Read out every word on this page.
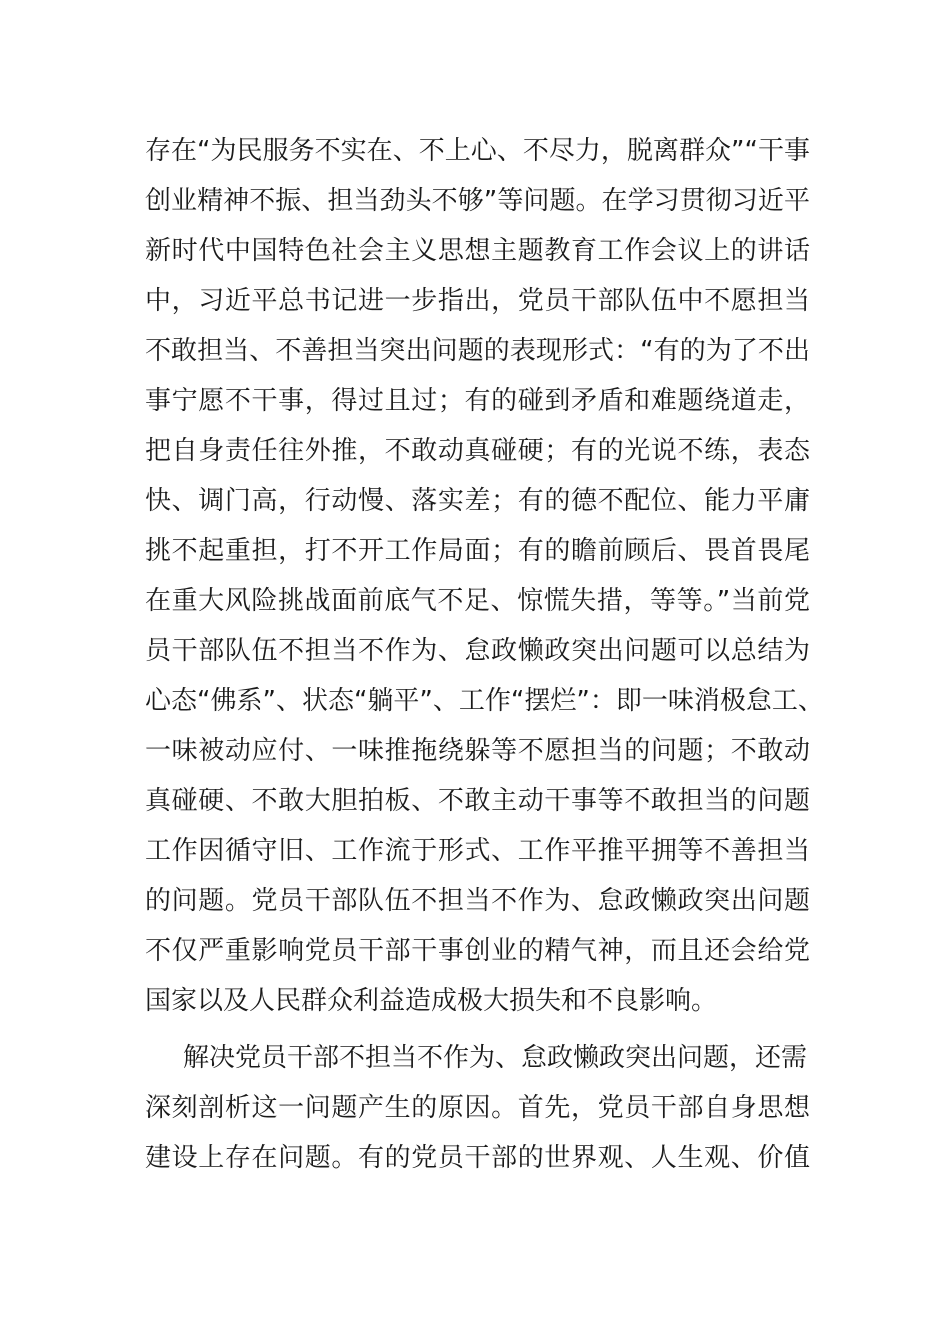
存在“为民服务不实在、不上心、不尽力，脱离群众”“干事
创业精神不振、担当劲头不够”等问题。在学习贯彻习近平
新时代中国特色社会主义思想主题教育工作会议上的讲话
中，习近平总书记进一步指出，党员干部队伍中不愿担当
不敢担当、不善担当突出问题的表现形式：“有的为了不出
事宁愿不干事，得过且过；有的碰到矛盾和难题绕道走，
把自身责任往外推，不敢动真碰硬；有的光说不练，表态
快、调门高，行动慢、落实差；有的德不配位、能力平庸
挑不起重担，打不开工作局面；有的瞻前顾后、畏首畏尾
在重大风险挑战面前底气不足、惊慌失措，等等。”当前党
员干部队伍不担当不作为、怠政懒政突出问题可以总结为
心态“佛系”、状态“躺平”、工作“摆烂”：即一味消极怠工、
一味被动应付、一味推拖绕躲等不愿担当的问题；不敢动
真碰硬、不敢大胆拍板、不敢主动干事等不敢担当的问题
工作因循守旧、工作流于形式、工作平推平拥等不善担当
的问题。党员干部队伍不担当不作为、怠政懒政突出问题
不仅严重影响党员干部干事创业的精气神，而且还会给党
国家以及人民群众利益造成极大损失和不良影响。
解决党员干部不担当不作为、怠政懒政突出问题，还需
深刻剖析这一问题产生的原因。首先，党员干部自身思想
建设上存在问题。有的党员干部的世界观、人生观、价值
